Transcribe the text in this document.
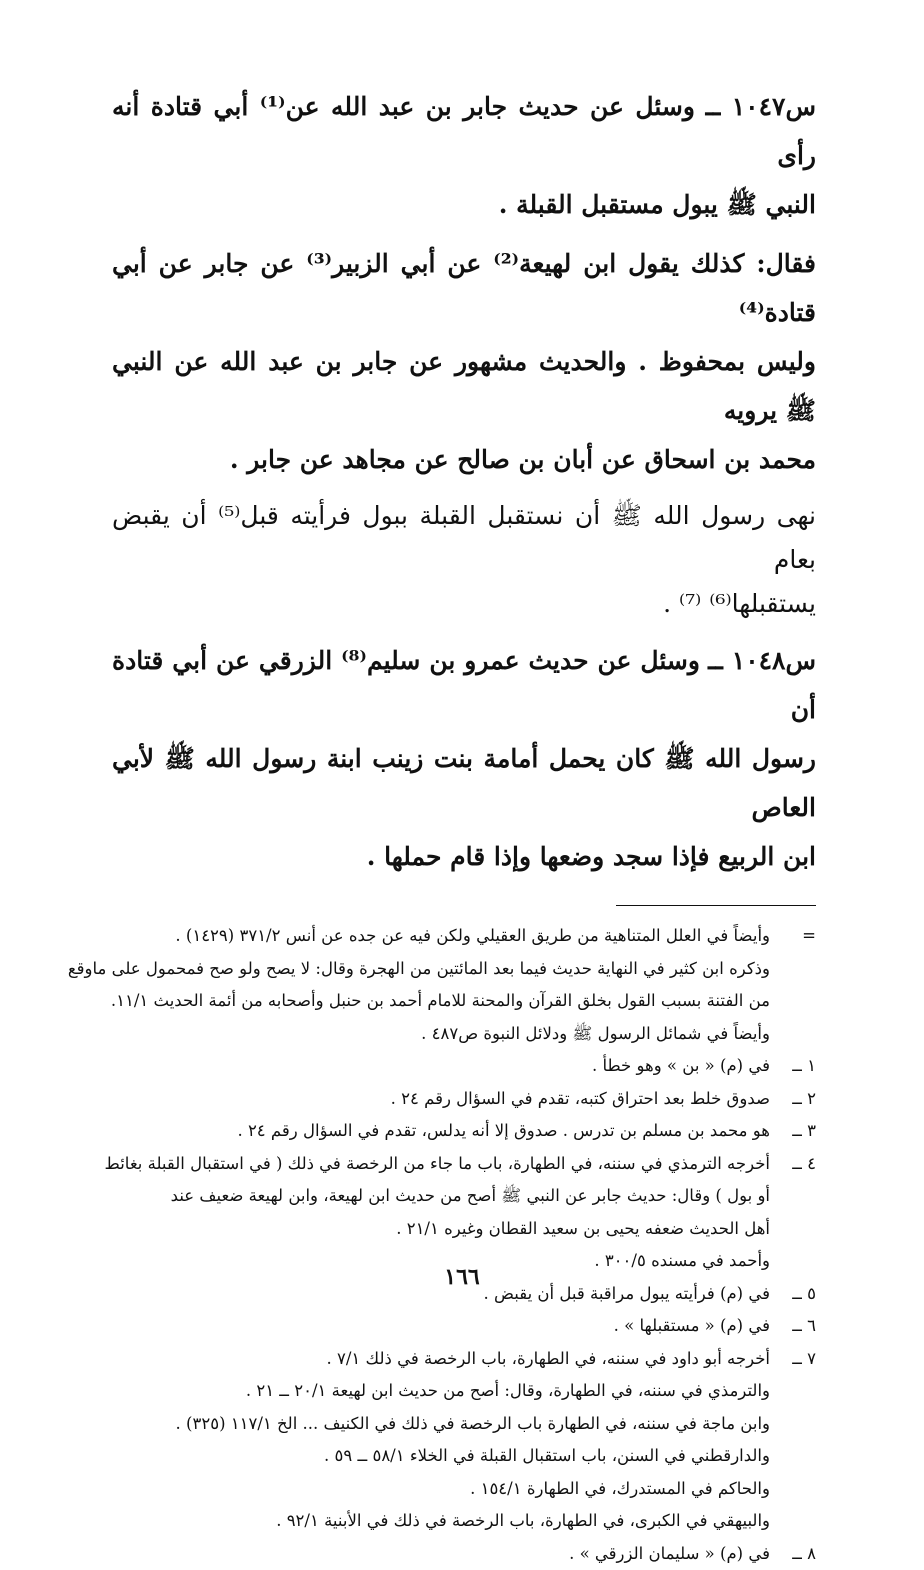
س١٠٤٧ ــ وسئل عن حديث جابر بن عبد الله عن⁽¹⁾ أبي قتادة أنه رأى
النبي ﷺ يبول مستقبل القبلة .
فقال: كذلك يقول ابن لهيعة⁽²⁾ عن أبي الزبير⁽³⁾ عن جابر عن أبي قتادة⁽⁴⁾
وليس بمحفوظ . والحديث مشهور عن جابر بن عبد الله عن النبي ﷺ يرويه
محمد بن اسحاق عن أبان بن صالح عن مجاهد عن جابر .
نهى رسول الله ﷺ أن نستقبل القبلة ببول فرأيته قبل⁽⁵⁾ أن يقبض بعام
يستقبلها⁽⁶⁾ ⁽⁷⁾ .
س١٠٤٨ ــ وسئل عن حديث عمرو بن سليم⁽⁸⁾ الزرقي عن أبي قتادة أن
رسول الله ﷺ كان يحمل أمامة بنت زينب ابنة رسول الله ﷺ لأبي العاص
ابن الربيع فإذا سجد وضعها وإذا قام حملها .
=
وأيضاً في العلل المتناهية من طريق العقيلي ولكن فيه عن جده عن أنس ٣٧١/٢ (١٤٢٩) .
وذكره ابن كثير في النهاية حديث فيما بعد المائتين من الهجرة وقال: لا يصح ولو صح فمحمول على ماوقع
من الفتنة بسبب القول بخلق القرآن والمحنة للامام أحمد بن حنبل وأصحابه من أئمة الحديث ١١/١.
وأيضاً في شمائل الرسول ﷺ ودلائل النبوة ص٤٨٧ .
١ ــ
في (م) « بن » وهو خطأ .
٢ ــ
صدوق خلط بعد احتراق كتبه، تقدم في السؤال رقم ٢٤ .
٣ ــ
هو محمد بن مسلم بن تدرس . صدوق إلا أنه يدلس، تقدم في السؤال رقم ٢٤ .
٤ ــ
أخرجه الترمذي في سننه، في الطهارة، باب ما جاء من الرخصة في ذلك ( في استقبال القبلة بغائط
أو بول ) وقال: حديث جابر عن النبي ﷺ أصح من حديث ابن لهيعة، وابن لهيعة ضعيف عند
أهل الحديث ضعفه يحيى بن سعيد القطان وغيره ٢١/١ .
وأحمد في مسنده ٣٠٠/٥ .
٥ ــ
في (م) فرأيته يبول مراقبة قبل أن يقبض .
٦ ــ
في (م) « مستقبلها » .
٧ ــ
أخرجه أبو داود في سننه، في الطهارة، باب الرخصة في ذلك ٧/١ .
والترمذي في سننه، في الطهارة، وقال: أصح من حديث ابن لهيعة ٢٠/١ ــ ٢١ .
وابن ماجة في سننه، في الطهارة باب الرخصة في ذلك في الكنيف ... الخ ١١٧/١ (٣٢٥) .
والدارقطني في السنن، باب استقبال القبلة في الخلاء ٥٨/١ ــ ٥٩ .
والحاكم في المستدرك، في الطهارة ١٥٤/١ .
والبيهقي في الكبرى، في الطهارة، باب الرخصة في ذلك في الأبنية ٩٢/١ .
٨ ــ
في (م) « سليمان الزرقي » .
١٦٦
